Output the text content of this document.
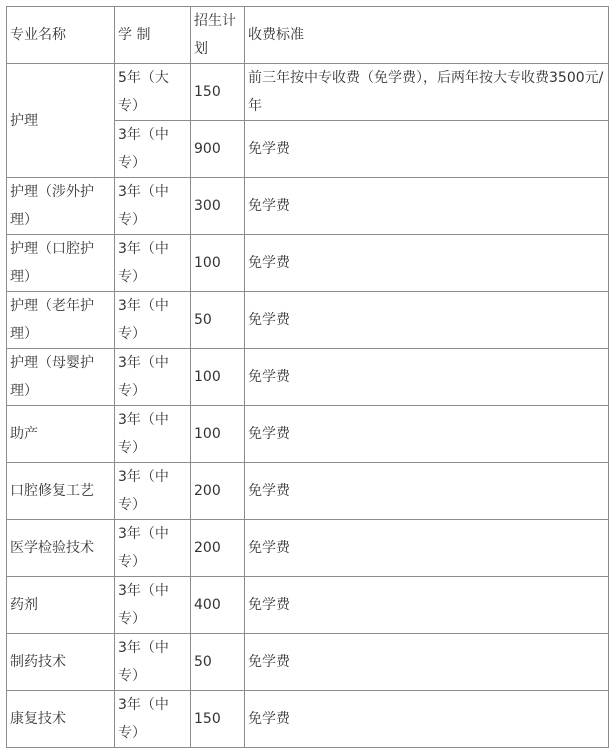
专业名称	学 制	招生计划	收费标准
护理	5年（大专）	150	前三年按中专收费（免学费），后两年按大专收费3500元/年
	3年（中专）	900	免学费
护理（涉外护理）	3年（中专）	300	免学费
护理（口腔护理）	3年（中专）	100	免学费
护理（老年护理）	3年（中专）	50	免学费
护理（母婴护理）	3年（中专）	100	免学费
助产	3年（中专）	100	免学费
口腔修复工艺	3年（中专）	200	免学费
医学检验技术	3年（中专）	200	免学费
药剂	3年（中专）	400	免学费
制药技术	3年（中专）	50	免学费
康复技术	3年（中专）	150	免学费
